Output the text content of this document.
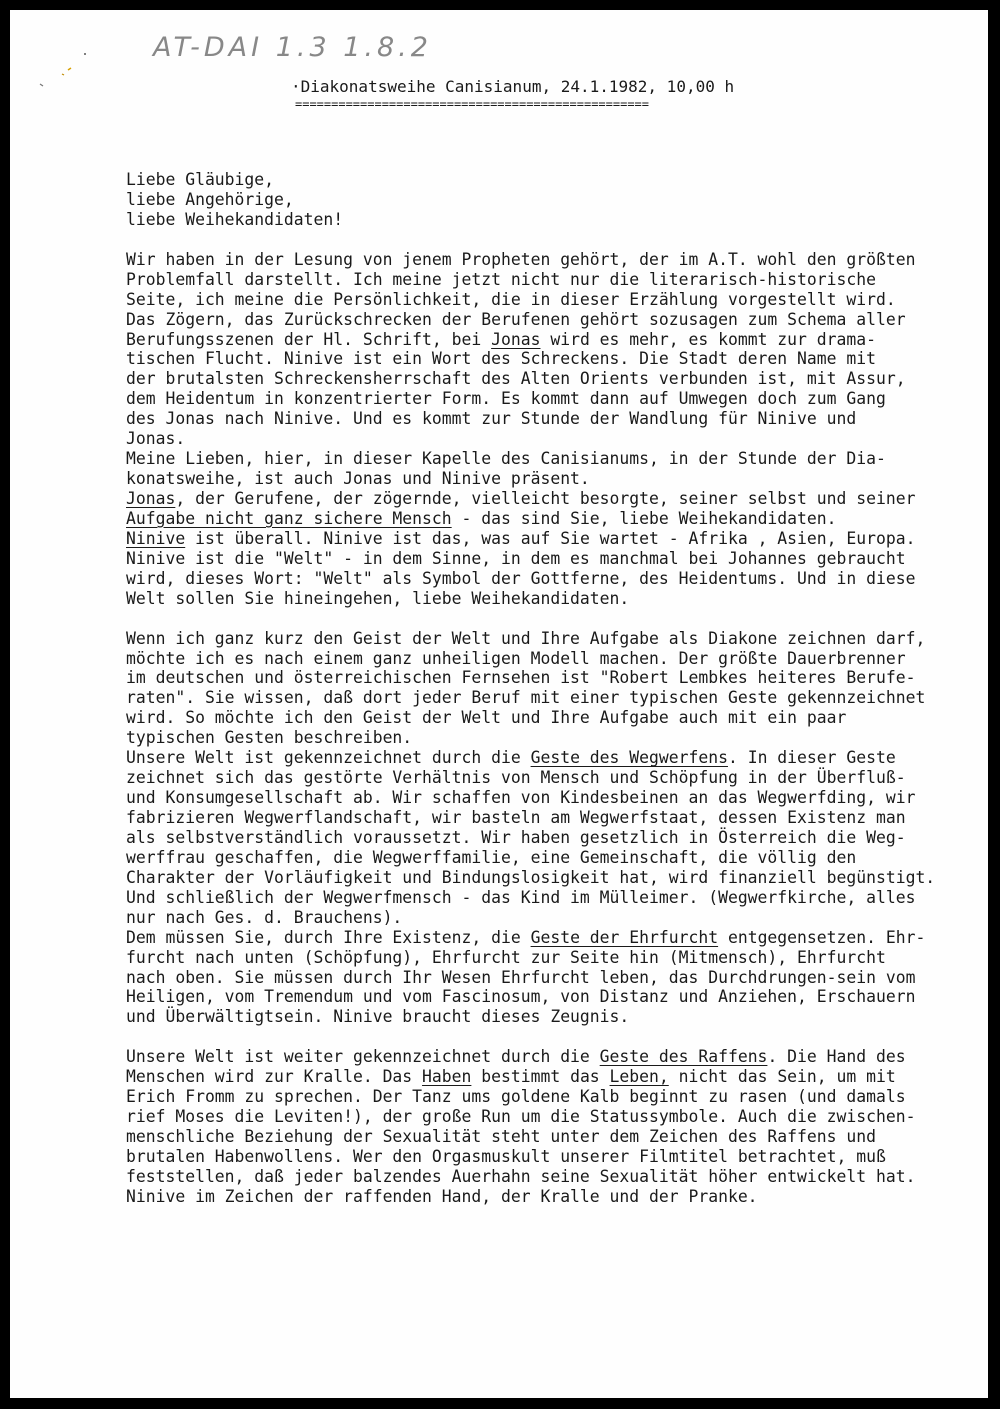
AT-DAI 1.3 1.8.2
·Diakonatsweihe Canisianum, 24.1.1982, 10,00 h
=================================================
Liebe Gläubige,
liebe Angehörige,
liebe Weihekandidaten!
Wir haben in der Lesung von jenem Propheten gehört, der im A.T. wohl den größten
Problemfall darstellt. Ich meine jetzt nicht nur die literarisch-historische
Seite, ich meine die Persönlichkeit, die in dieser Erzählung vorgestellt wird.
Das Zögern, das Zurückschrecken der Berufenen gehört sozusagen zum Schema aller
Berufungsszenen der Hl. Schrift, bei Jonas wird es mehr, es kommt zur drama-
tischen Flucht. Ninive ist ein Wort des Schreckens. Die Stadt deren Name mit
der brutalsten Schreckensherrschaft des Alten Orients verbunden ist, mit Assur,
dem Heidentum in konzentrierter Form. Es kommt dann auf Umwegen doch zum Gang
des Jonas nach Ninive. Und es kommt zur Stunde der Wandlung für Ninive und
Jonas.
Meine Lieben, hier, in dieser Kapelle des Canisianums, in der Stunde der Dia-
konatsweihe, ist auch Jonas und Ninive präsent.
Jonas, der Gerufene, der zögernde, vielleicht besorgte, seiner selbst und seiner
Aufgabe nicht ganz sichere Mensch - das sind Sie, liebe Weihekandidaten.
Ninive ist überall. Ninive ist das, was auf Sie wartet - Afrika , Asien, Europa.
Ninive ist die "Welt" - in dem Sinne, in dem es manchmal bei Johannes gebraucht
wird, dieses Wort: "Welt" als Symbol der Gottferne, des Heidentums. Und in diese
Welt sollen Sie hineingehen, liebe Weihekandidaten.
Wenn ich ganz kurz den Geist der Welt und Ihre Aufgabe als Diakone zeichnen darf,
möchte ich es nach einem ganz unheiligen Modell machen. Der größte Dauerbrenner
im deutschen und österreichischen Fernsehen ist "Robert Lembkes heiteres Berufe-
raten". Sie wissen, daß dort jeder Beruf mit einer typischen Geste gekennzeichnet
wird. So möchte ich den Geist der Welt und Ihre Aufgabe auch mit ein paar
typischen Gesten beschreiben.
Unsere Welt ist gekennzeichnet durch die Geste des Wegwerfens. In dieser Geste
zeichnet sich das gestörte Verhältnis von Mensch und Schöpfung in der Überfluß-
und Konsumgesellschaft ab. Wir schaffen von Kindesbeinen an das Wegwerfding, wir
fabrizieren Wegwerflandschaft, wir basteln am Wegwerfstaat, dessen Existenz man
als selbstverständlich voraussetzt. Wir haben gesetzlich in Österreich die Weg-
werffrau geschaffen, die Wegwerffamilie, eine Gemeinschaft, die völlig den
Charakter der Vorläufigkeit und Bindungslosigkeit hat, wird finanziell begünstigt.
Und schließlich der Wegwerfmensch - das Kind im Mülleimer. (Wegwerfkirche, alles
nur nach Ges. d. Brauchens).
Dem müssen Sie, durch Ihre Existenz, die Geste der Ehrfurcht entgegensetzen. Ehr-
furcht nach unten (Schöpfung), Ehrfurcht zur Seite hin (Mitmensch), Ehrfurcht
nach oben. Sie müssen durch Ihr Wesen Ehrfurcht leben, das Durchdrungen-sein vom
Heiligen, vom Tremendum und vom Fascinosum, von Distanz und Anziehen, Erschauern
und Überwältigtsein. Ninive braucht dieses Zeugnis.
Unsere Welt ist weiter gekennzeichnet durch die Geste des Raffens. Die Hand des
Menschen wird zur Kralle. Das Haben bestimmt das Leben, nicht das Sein, um mit
Erich Fromm zu sprechen. Der Tanz ums goldene Kalb beginnt zu rasen (und damals
rief Moses die Leviten!), der große Run um die Statussymbole. Auch die zwischen-
menschliche Beziehung der Sexualität steht unter dem Zeichen des Raffens und
brutalen Habenwollens. Wer den Orgasmuskult unserer Filmtitel betrachtet, muß
feststellen, daß jeder balzendes Auerhahn seine Sexualität höher entwickelt hat.
Ninive im Zeichen der raffenden Hand, der Kralle und der Pranke.
